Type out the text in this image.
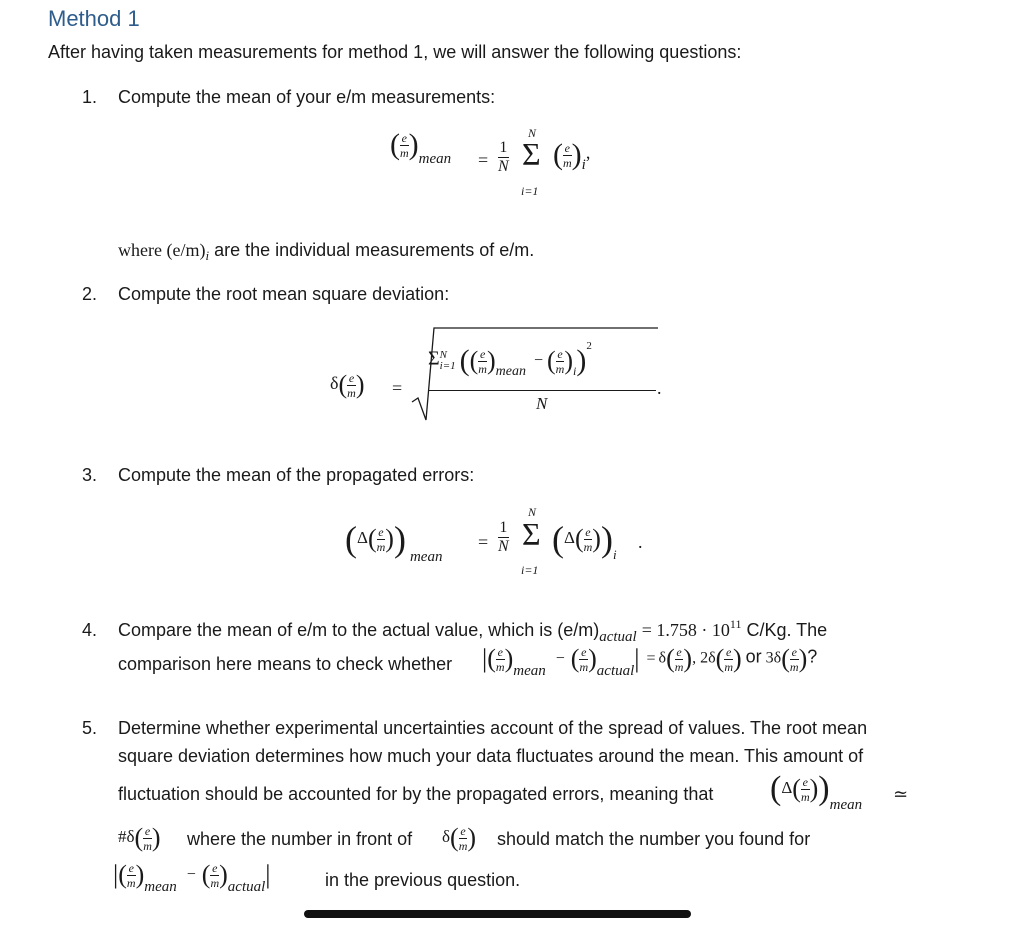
Method 1
After having taken measurements for method 1, we will answer the following questions:
1. Compute the mean of your e/m measurements:
( $\frac{e}{m} )_{mean} = \frac{1}{N}$
N
Σ
i=1
( $\frac{e}{m} )i$,
where $(e/m)_i$ are the individual measurements of e/m.
2. Compute the root mean square deviation:
$\delta( \frac{e}{m}$ ) =
Σ N
i=1 (( $\frac{e}{m}$ )mean − ( $\frac{e}{m} )_i)^2$
N
.
3. Compute the mean of the propagated errors:
($\Delta( \frac{e}{m}$ )) mean
= $\frac{1}{N}$
N
Σ
i=1
$(\Delta( \frac{e}{m} ))_i$
.
4. Compare the mean of e/m to the actual value, which is $(e/m)_{actual} = 1.758 \cdot 10^{11}$ C/Kg. The
comparison here means to check whether |( $\frac{e}{m}$ )mean − ( $\frac{e}{m}$ )actual| = $\delta( \frac{e}{m}$ ), $2\delta( \frac{e}{m}$ ) or $3\delta( \frac{e}{m}$ )?
5. Determine whether experimental uncertainties account of the spread of values. The root mean
square deviation determines how much your data fluctuates around the mean. This amount of
fluctuation should be accounted for by the propagated errors, meaning that ($\Delta( \frac{e}{m}$ ))mean
≃
#δ( $\frac{e}{m}$ ) where the number in front of $\delta( \frac{e}{m}$ ) should match the number you found for
|( $\frac{e}{m}$ )mean − ( $\frac{e}{m}$ )actual|	in the previous question.
